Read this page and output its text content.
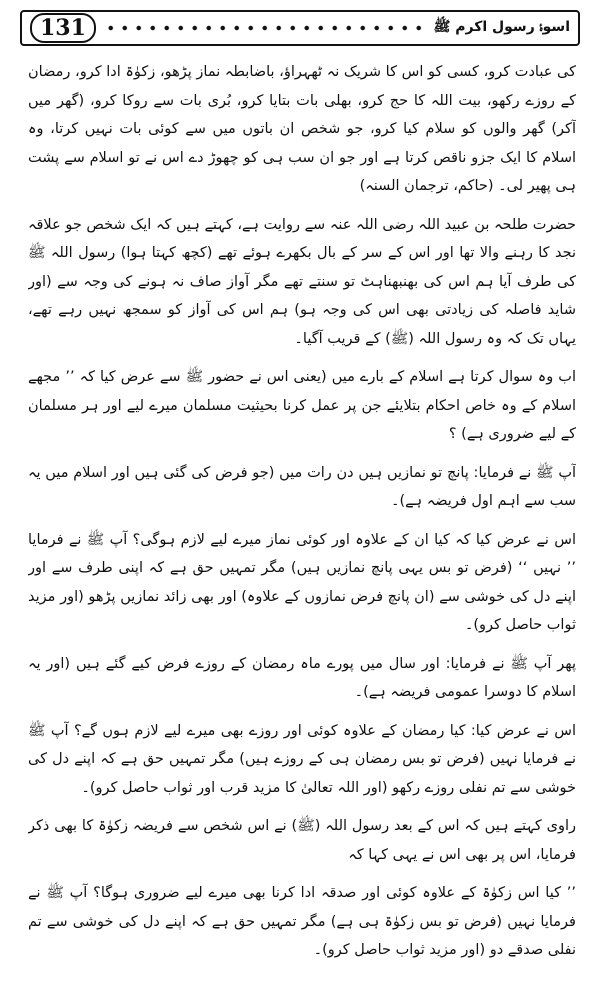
131	اسوۂ رسول اکرم ﷺ

کی عبادت کرو، کسی کو اس کا شریک نہ ٹھہراؤ، باضابطہ نماز پڑھو، زکوٰۃ ادا کرو، رمضان کے روزے رکھو، بیت اللہ کا حج کرو، بھلی بات بتایا کرو، بُری بات سے روکا کرو، (گھر میں آکر) گھر والوں کو سلام کیا کرو، جو شخص ان باتوں میں سے کوئی بات نہیں کرتا، وہ اسلام کا ایک جزو ناقص کرتا ہے اور جو ان سب ہی کو چھوڑ دے اس نے تو اسلام سے پشت ہی پھیر لی۔ (حاکم، ترجمان السنہ)

حضرت طلحہ بن عبید اللہ رضی اللہ عنہ سے روایت ہے، کہتے ہیں کہ ایک شخص جو علاقہ نجد کا رہنے والا تھا اور اس کے سر کے بال بکھرے ہوئے تھے (کچھ کہتا ہوا) رسول اللہ ﷺ کی طرف آیا ہم اس کی بھنبھناہٹ تو سنتے تھے مگر آواز صاف نہ ہونے کی وجہ سے (اور شاید فاصلہ کی زیادتی بھی اس کی وجہ ہو) ہم اس کی آواز کو سمجھ نہیں رہے تھے، یہاں تک کہ وہ رسول اللہ (ﷺ) کے قریب آگیا۔

اب وہ سوال کرتا ہے اسلام کے بارے میں (یعنی اس نے حضور ﷺ سے عرض کیا کہ ’’ مجھے اسلام کے وہ خاص احکام بتلایئے جن پر عمل کرنا بحیثیت مسلمان میرے لیے اور ہر مسلمان کے لیے ضروری ہے) ؟

آپ ﷺ نے فرمایا: پانچ تو نمازیں ہیں دن رات میں (جو فرض کی گئی ہیں اور اسلام میں یہ سب سے اہم اول فریضہ ہے)۔

اس نے عرض کیا کہ کیا ان کے علاوہ اور کوئی نماز میرے لیے لازم ہوگی؟ آپ ﷺ نے فرمایا ’’ نہیں ‘‘ (فرض تو بس یہی پانچ نمازیں ہیں) مگر تمہیں حق ہے کہ اپنی طرف سے اور اپنے دل کی خوشی سے (ان پانچ فرض نمازوں کے علاوہ) اور بھی زائد نمازیں پڑھو (اور مزید ثواب حاصل کرو)۔

پھر آپ ﷺ نے فرمایا: اور سال میں پورے ماہ رمضان کے روزے فرض کیے گئے ہیں (اور یہ اسلام کا دوسرا عمومی فریضہ ہے)۔

اس نے عرض کیا: کیا رمضان کے علاوہ کوئی اور روزے بھی میرے لیے لازم ہوں گے؟ آپ ﷺ نے فرمایا نہیں (فرض تو بس رمضان ہی کے روزے ہیں) مگر تمہیں حق ہے کہ اپنے دل کی خوشی سے تم نفلی روزے رکھو (اور اللہ تعالیٰ کا مزید قرب اور ثواب حاصل کرو)۔

راوی کہتے ہیں کہ اس کے بعد رسول اللہ (ﷺ) نے اس شخص سے فریضہ زکوٰۃ کا بھی ذکر فرمایا، اس پر بھی اس نے یہی کہا کہ

’’ کیا اس زکوٰۃ کے علاوہ کوئی اور صدقہ ادا کرنا بھی میرے لیے ضروری ہوگا؟ آپ ﷺ نے فرمایا نہیں (فرض تو بس زکوٰۃ ہی ہے) مگر تمہیں حق ہے کہ اپنے دل کی خوشی سے تم نفلی صدقے دو (اور مزید ثواب حاصل کرو)۔
